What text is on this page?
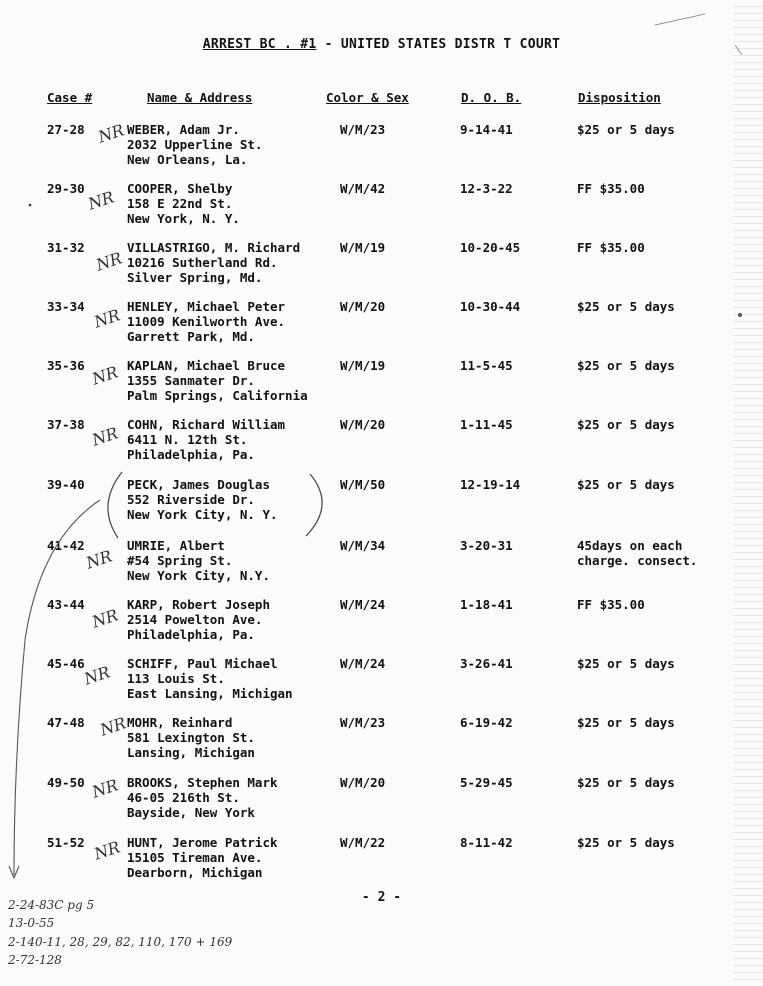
ARREST BC . #1 - UNITED STATES DISTR T COURT
Case #	Name & Address	Color & Sex	D. O. B.	Disposition
27-28 NR WEBER, Adam Jr.
2032 Upperline St.
New Orleans, La.
W/M/23	9-14-41	$25 or 5 days
29-30 NR COOPER, Shelby
158 E 22nd St.
New York, N. Y.
W/M/42	12-3-22	FF $35.00
31-32
NR
VILLASTRIGO, M. Richard
10216 Sutherland Rd.
Silver Spring, Md.
W/M/19	10-20-45	FF $35.00
33-34 NR HENLEY, Michael Peter
11009 Kenilworth Ave.
Garrett Park, Md.
W/M/20	10-30-44	$25 or 5 days
35-36 NR KAPLAN, Michael Bruce
1355 Sanmater Dr.
Palm Springs, California
W/M/19	11-5-45	$25 or 5 days
37-38 NR COHN, Richard William
6411 N. 12th St.
Philadelphia, Pa.
W/M/20	1-11-45	$25 or 5 days
39-40	PECK, James Douglas
552 Riverside Dr.
New York City, N. Y.
W/M/50	12-19-14	$25 or 5 days
41-42
NR
UMRIE, Albert
#54 Spring St.
New York City, N.Y.
W/M/34	3-20-31	45days on each
charge. consect.
43-44
NR
KARP, Robert Joseph
2514 Powelton Ave.
Philadelphia, Pa.
W/M/24	1-18-41	FF $35.00
45-46
NR SCHIFF, Paul Michael
113 Louis St.
East Lansing, Michigan
W/M/24	3-26-41	$25 or 5 days
47-48 NR
MOHR, Reinhard
581 Lexington St.
Lansing, Michigan
W/M/23	6-19-42	$25 or 5 days
49-50 NR BROOKS, Stephen Mark
46-05 216th St.
Bayside, New York
W/M/20	5-29-45	$25 or 5 days
51-52 NR HUNT, Jerome Patrick
15105 Tireman Ave.
Dearborn, Michigan
W/M/22	8-11-42	$25 or 5 days
- 2 -
2-24-83C pg 5
13-0-55
2-140-11, 28, 29, 82, 110, 170 + 169
2-72-128
